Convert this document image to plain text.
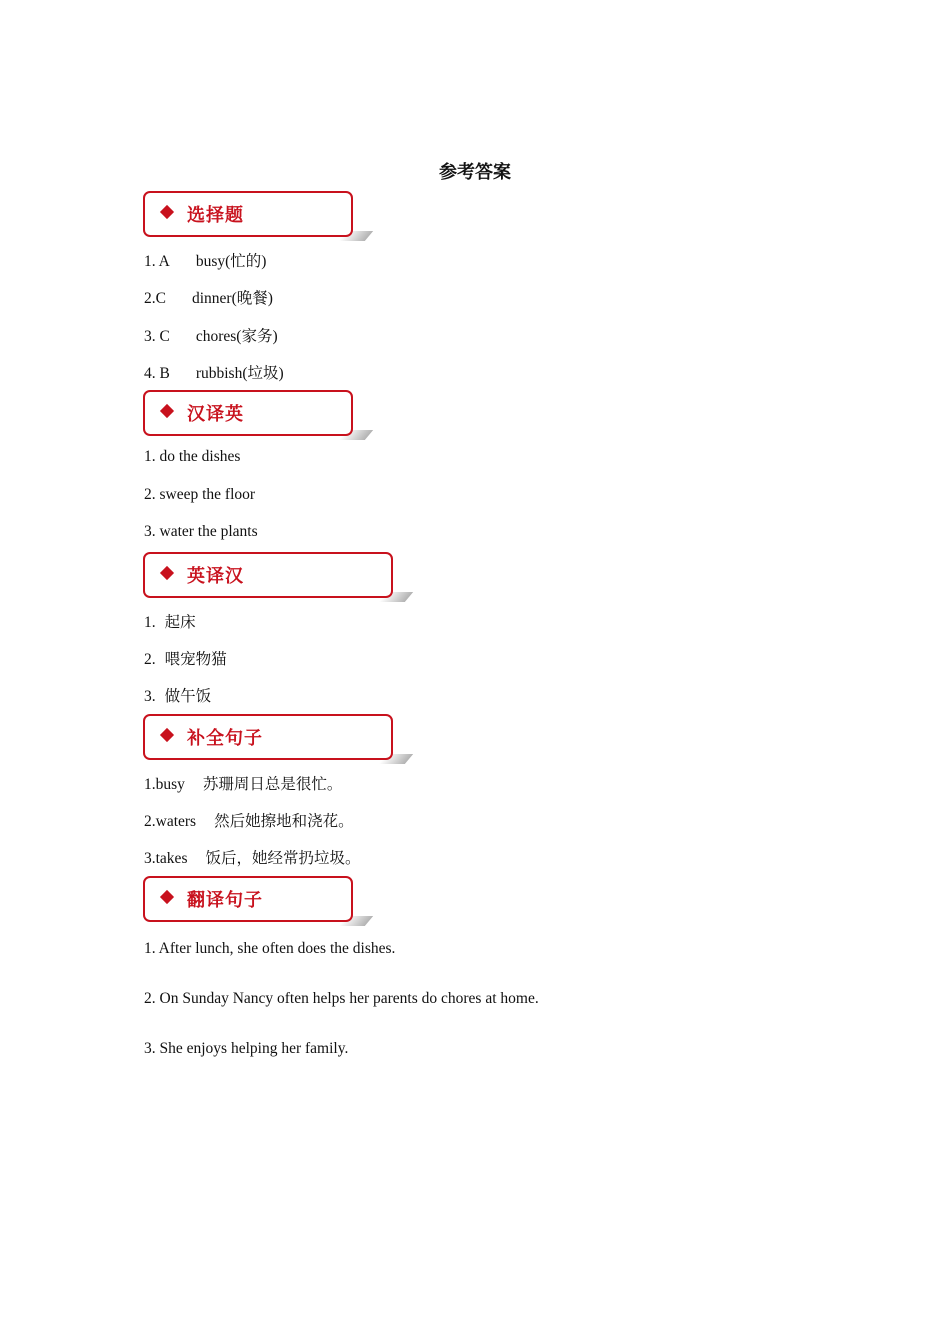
参考答案
选择题
1. A busy(忙的)
2.C dinner(晚餐)
3. C chores(家务)
4. B rubbish(垃圾)
汉译英
1. do the dishes
2. sweep the floor
3. water the plants
英译汉
1. 起床
2. 喂宠物猫
3. 做午饭
补全句子
1.busy 苏珊周日总是很忙。
2.waters 然后她擦地和浇花。
3.takes 饭后，她经常扔垃圾。
翻译句子
1. After lunch, she often does the dishes.
2. On Sunday Nancy often helps her parents do chores at home.
3. She enjoys helping her family.
